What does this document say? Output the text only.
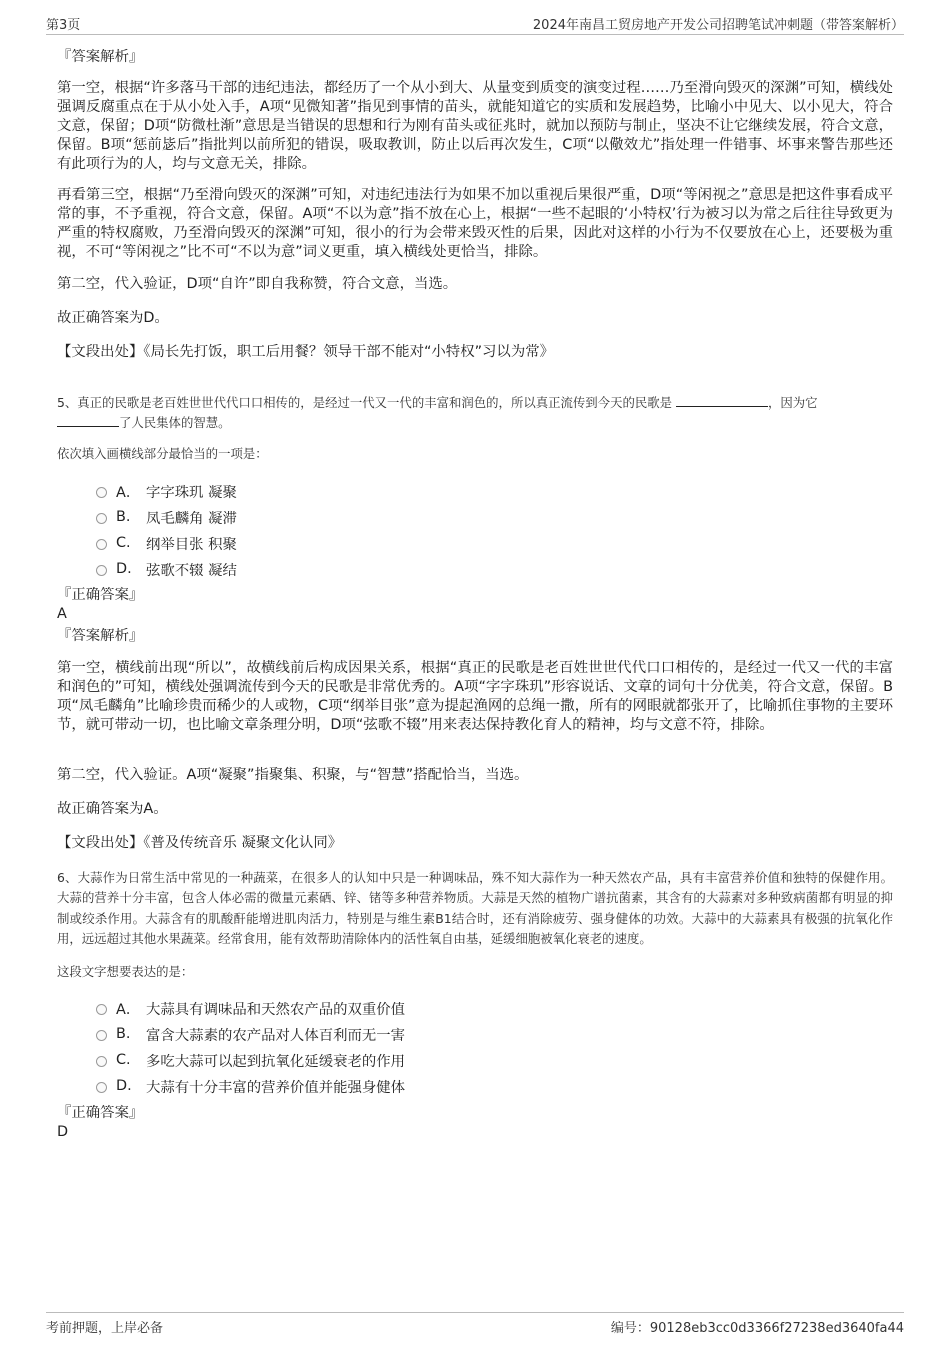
第3页	2024年南昌工贸房地产开发公司招聘笔试冲刺题（带答案解析）
『答案解析』
第一空，根据“许多落马干部的违纪违法，都经历了一个从小到大、从量变到质变的演变过程……乃至滑向毁灭的深渊”可知，横线处强调反腐重点在于从小处入手，A项“见微知著”指见到事情的苗头，就能知道它的实质和发展趋势，比喻小中见大、以小见大，符合文意，保留；D项“防微杜渐”意思是当错误的思想和行为刚有苗头或征兆时，就加以预防与制止，坚决不让它继续发展，符合文意，保留。B项“惩前毖后”指批判以前所犯的错误，吸取教训，防止以后再次发生，C项“以儆效尤”指处理一件错事、坏事来警告那些还有此项行为的人，均与文意无关，排除。
再看第三空，根据“乃至滑向毁灭的深渊”可知，对违纪违法行为如果不加以重视后果很严重，D项“等闲视之”意思是把这件事看成平常的事，不予重视，符合文意，保留。A项“不以为意”指不放在心上，根据“一些不起眼的‘小特权’行为被习以为常之后往往导致更为严重的特权腐败，乃至滑向毁灭的深渊”可知，很小的行为会带来毁灭性的后果，因此对这样的小行为不仅要放在心上，还要极为重视，不可“等闲视之”比不可“不以为意”词义更重，填入横线处更恰当，排除。
第二空，代入验证，D项“自许”即自我称赞，符合文意，当选。
故正确答案为D。
【文段出处】《局长先打饭，职工后用餐？领导干部不能对“小特权”习以为常》
5、真正的民歌是老百姓世世代代口口相传的，是经过一代又一代的丰富和润色的，所以真正流传到今天的民歌是	，因为它
了人民集体的智慧。
依次填入画横线部分最恰当的一项是：
A． 字字珠玑 凝聚
B.	凤毛麟角 凝滞
C.	纲举目张 积聚
D. 弦歌不辍 凝结
『正确答案』
A
『答案解析』
第一空，横线前出现“所以”，故横线前后构成因果关系，根据“真正的民歌是老百姓世世代代口口相传的，是经过一代又一代的丰富和润色的”可知，横线处强调流传到今天的民歌是非常优秀的。A项“字字珠玑”形容说话、文章的词句十分优美，符合文意，保留。B项“凤毛麟角”比喻珍贵而稀少的人或物，C项“纲举目张”意为提起渔网的总绳一撒，所有的网眼就都张开了，比喻抓住事物的主要环节，就可带动一切，也比喻文章条理分明，D项“弦歌不辍”用来表达保持教化育人的精神，均与文意不符，排除。
第二空，代入验证。A项“凝聚”指聚集、积聚，与“智慧”搭配恰当，当选。
故正确答案为A。
【文段出处】《普及传统音乐 凝聚文化认同》
6、大蒜作为日常生活中常见的一种蔬菜，在很多人的认知中只是一种调味品，殊不知大蒜作为一种天然农产品，具有丰富营养价值和独特的保健作用。大蒜的营养十分丰富，包含人体必需的微量元素硒、锌、锗等多种营养物质。大蒜是天然的植物广谱抗菌素，其含有的大蒜素对多种致病菌都有明显的抑制或绞杀作用。大蒜含有的肌酸酐能增进肌肉活力，特别是与维生素B1结合时，还有消除疲劳、强身健体的功效。大蒜中的大蒜素具有极强的抗氧化作用，远远超过其他水果蔬菜。经常食用，能有效帮助清除体内的活性氧自由基，延缓细胞被氧化衰老的速度。
这段文字想要表达的是：
A． 大蒜具有调味品和天然农产品的双重价值
B.	富含大蒜素的农产品对人体百利而无一害
C.	多吃大蒜可以起到抗氧化延缓衰老的作用
D. 大蒜有十分丰富的营养价值并能强身健体
『正确答案』
D
考前押题，上岸必备	编号：90128eb3cc0d3366f27238ed3640fa44
